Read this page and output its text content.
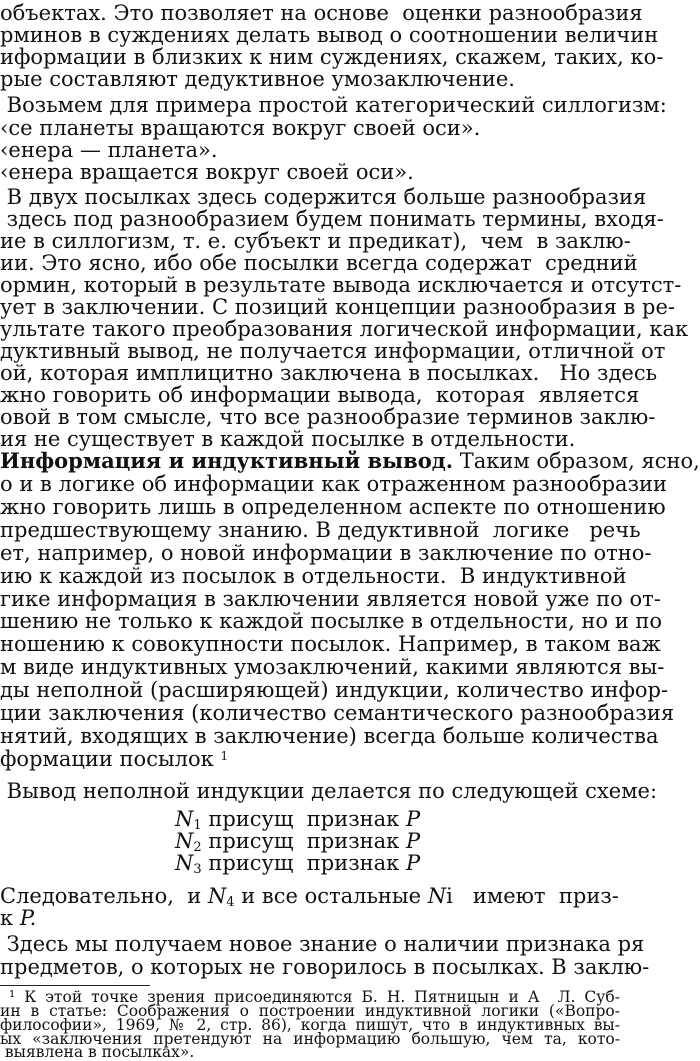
объектах. Это позволяет на основе  оценки разнообразия
рминов в суждениях делать вывод о соотношении величин
иформации в близких к ним суждениях, скажем, таких, ко-
рые составляют дедуктивное умозаключение.
Возьмем для примера простой категорический силлогизм:
‹се планеты вращаются вокруг своей оси».
‹енера — планета».
‹енера вращается вокруг своей оси».
В двух посылках здесь содержится больше разнообразия
здесь под разнообразием будем понимать термины, входя-
ие в силлогизм, т. е. субъект и предикат),  чем  в заклю-
ии. Это ясно, ибо обе посылки всегда содержат  средний
ормин, который в результате вывода исключается и отсутст-
ует в заключении. С позиций концепции разнообразия в ре-
ультате такого преобразования логической информации, как
дуктивный вывод, не получается информации, отличной от
ой, которая имплицитно заключена в посылках.   Но здесь
жно говорить об информации вывода,  которая  является
овой в том смысле, что все разнообразие терминов заклю-
ия не существует в каждой посылке в отдельности.
Информация и индуктивный вывод. Таким образом, ясно,
о и в логике об информации как отраженном разнообразии
жно говорить лишь в определенном аспекте по отношению
предшествующему знанию. В дедуктивной  логике   речь
ет, например, о новой информации в заключение по отно-
ию к каждой из посылок в отдельности.  В индуктивной
гике информация в заключении является новой уже по от-
шению не только к каждой посылке в отдельности, но и по
ношению к совокупности посылок. Например, в таком важ
м виде индуктивных умозаключений, какими являются вы-
ды неполной (расширяющей) индукции, количество инфор-
ции заключения (количество семантического разнообразия
нятий, входящих в заключение) всегда больше количества
формации посылок $^1$
Вывод неполной индукции делается по следующей схеме:
$N_1$ присущ  признак P
$N_2$ присущ  признак P
$N_3$ присущ  признак P
Следовательно,  и $N_4$ и все остальные Ni   имеют  приз-
к P.
Здесь мы получаем новое знание о наличии признака ря
предметов, о которых не говорилось в посылках. В заклю-
¹ К этой точке зрения присоединяются Б. Н. Пятницын и А  Л. Суб-
ин в статье: Соображения о построении индуктивной логики («Вопро-
философии», 1969, № 2, стр. 86), когда пишут, что в индуктивных вы-
ых «заключения претендуют на информацию большую, чем та, кото-
выявлена в посылках».
